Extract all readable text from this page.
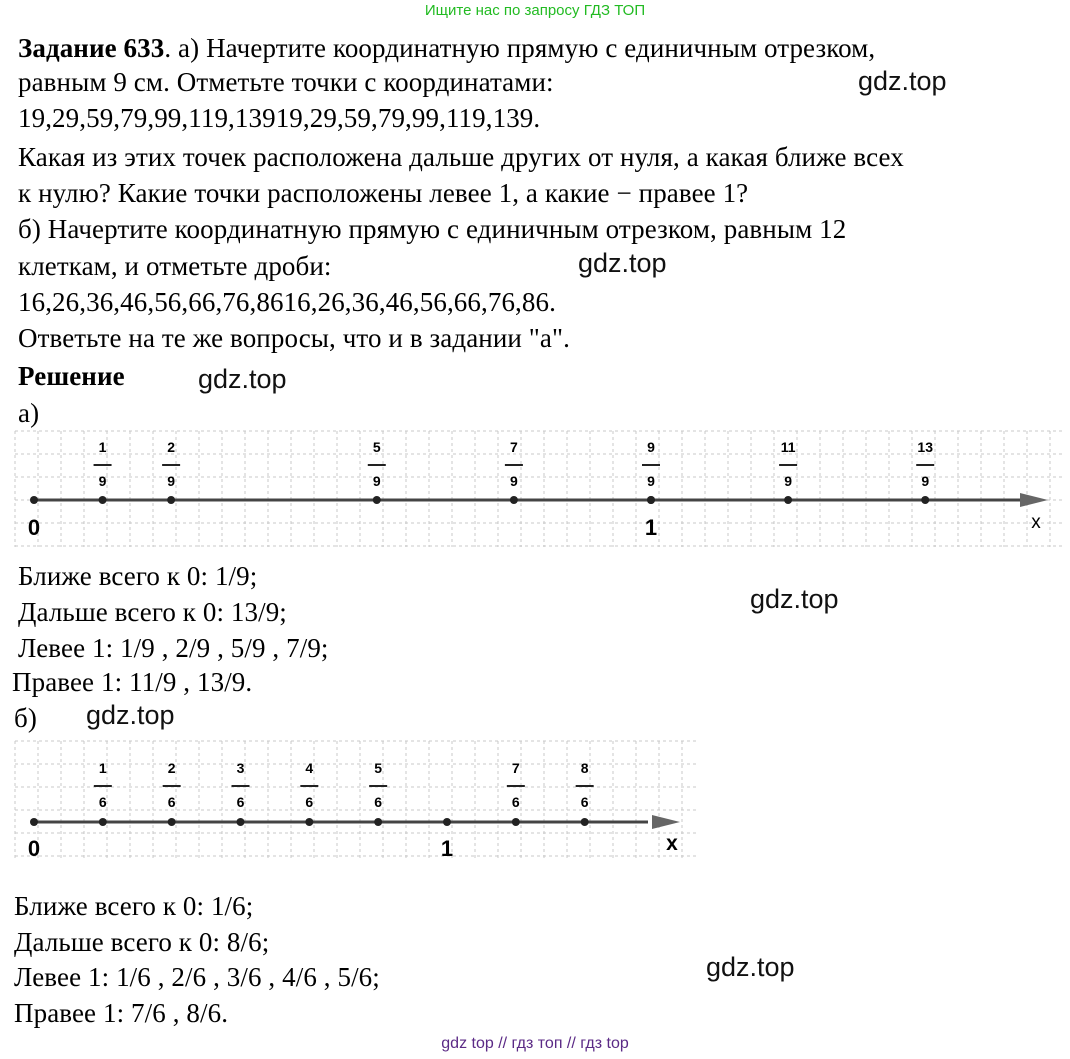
Ищите нас по запросу ГДЗ ТОП
Задание 633. а) Начертите координатную прямую с единичным отрезком,
равным 9 см. Отметьте точки с координатами:
19,29,59,79,99,119,13919,29,59,79,99,119,139.
Какая из этих точек расположена дальше других от нуля, а какая ближе всех
к нулю? Какие точки расположены левее 1, а какие − правее 1?
б) Начертите координатную прямую с единичным отрезком, равным 12
клеткам, и отметьте дроби:
16,26,36,46,56,66,76,8616,26,36,46,56,66,76,86.
Ответьте на те же вопросы, что и в задании "а".
Решение
а)
0	1	x
1
9
2
9
5
9
7
9
9
9
11
9
13
9
Ближе всего к 0: 1/9;
Дальше всего к 0: 13/9;
Левее 1: 1/9 , 2/9 , 5/9 , 7/9;
Правее 1: 11/9 , 13/9.
б)
0	1	x
1
6
2
6
3
6
4
6
5
6
7
6
8
6
Ближе всего к 0: 1/6;
Дальше всего к 0: 8/6;
Левее 1: 1/6 , 2/6 , 3/6 , 4/6 , 5/6;
Правее 1: 7/6 , 8/6.
gdz.top
gdz.top
gdz.top
gdz.top
gdz.top
gdz.top
gdz top // гдз топ // гдз top
